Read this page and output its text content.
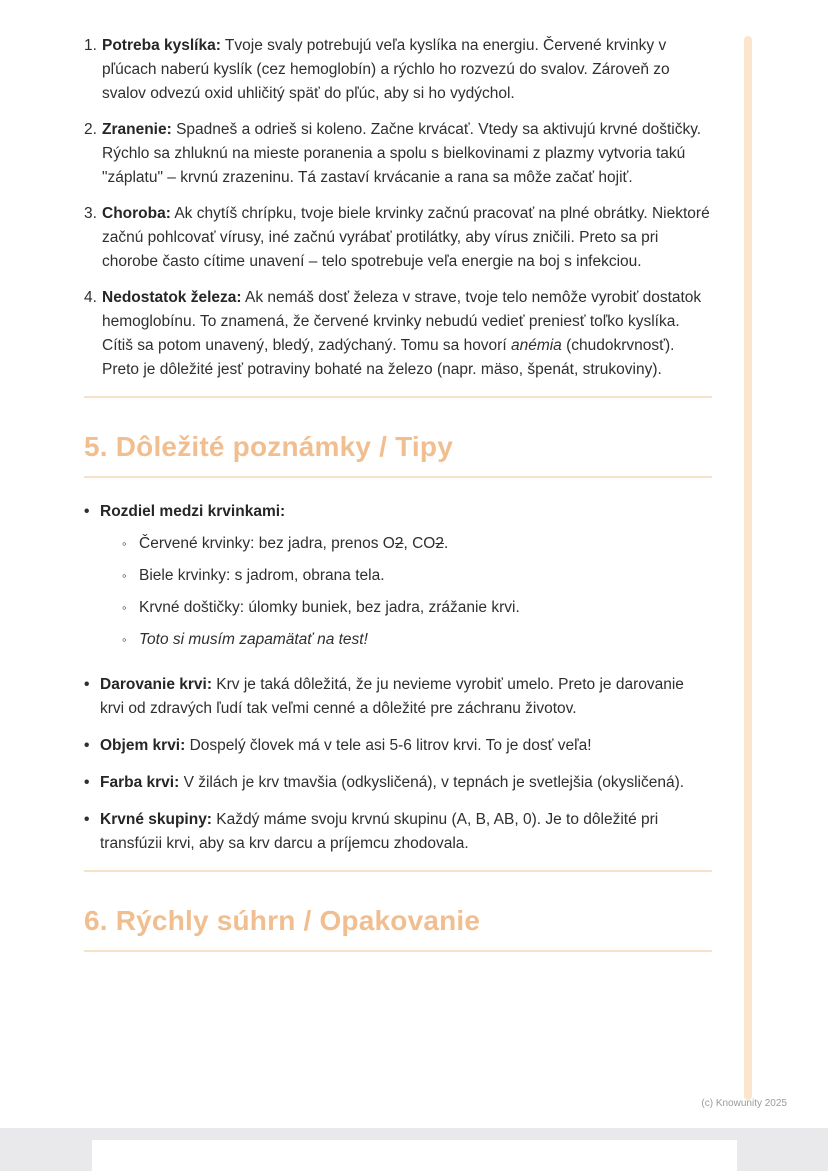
1. Potreba kyslíka: Tvoje svaly potrebujú veľa kyslíka na energiu. Červené krvinky v pľúcach naberú kyslík (cez hemoglobín) a rýchlo ho rozvezú do svalov. Zároveň zo svalov odvezú oxid uhličitý späť do pľúc, aby si ho vydýchol.

2. Zranenie: Spadneš a odrieš si koleno. Začne krvácať. Vtedy sa aktivujú krvné doštičky. Rýchlo sa zhluknú na mieste poranenia a spolu s bielkovinami z plazmy vytvoria takú "záplatu" – krvnú zrazeninu. Tá zastaví krvácanie a rana sa môže začať hojiť.

3. Choroba: Ak chytíš chrípku, tvoje biele krvinky začnú pracovať na plné obrátky. Niektoré začnú pohlcovať vírusy, iné začnú vyrábať protilátky, aby vírus zničili. Preto sa pri chorobe často cítime unavení – telo spotrebuje veľa energie na boj s infekciou.

4. Nedostatok železa: Ak nemáš dosť železa v strave, tvoje telo nemôže vyrobiť dostatok hemoglobínu. To znamená, že červené krvinky nebudú vedieť preniesť toľko kyslíka. Cítiš sa potom unavený, bledý, zadýchaný. Tomu sa hovorí anémia (chudokrvnosť). Preto je dôležité jesť potraviny bohaté na železo (napr. mäso, špenát, strukoviny).

5. Dôležité poznámky / Tipy
• Rozdiel medzi krvinkami:

◦ Červené krvinky: bez jadra, prenos O2, CO2.

◦ Biele krvinky: s jadrom, obrana tela.

◦ Krvné doštičky: úlomky buniek, bez jadra, zrážanie krvi.

◦ Toto si musím zapamätať na test!

• Darovanie krvi: Krv je taká dôležitá, že ju nevieme vyrobiť umelo. Preto je darovanie krvi od zdravých ľudí tak veľmi cenné a dôležité pre záchranu životov.

• Objem krvi: Dospelý človek má v tele asi 5-6 litrov krvi. To je dosť veľa!

• Farba krvi: V žilách je krv tmavšia (odkysličená), v tepnách je svetlejšia (okysličená).

• Krvné skupiny: Každý máme svoju krvnú skupinu (A, B, AB, 0). Je to dôležité pri transfúzii krvi, aby sa krv darcu a príjemcu zhodovala.

6. Rýchly súhrn / Opakovanie
(c) Knowunity 2025
